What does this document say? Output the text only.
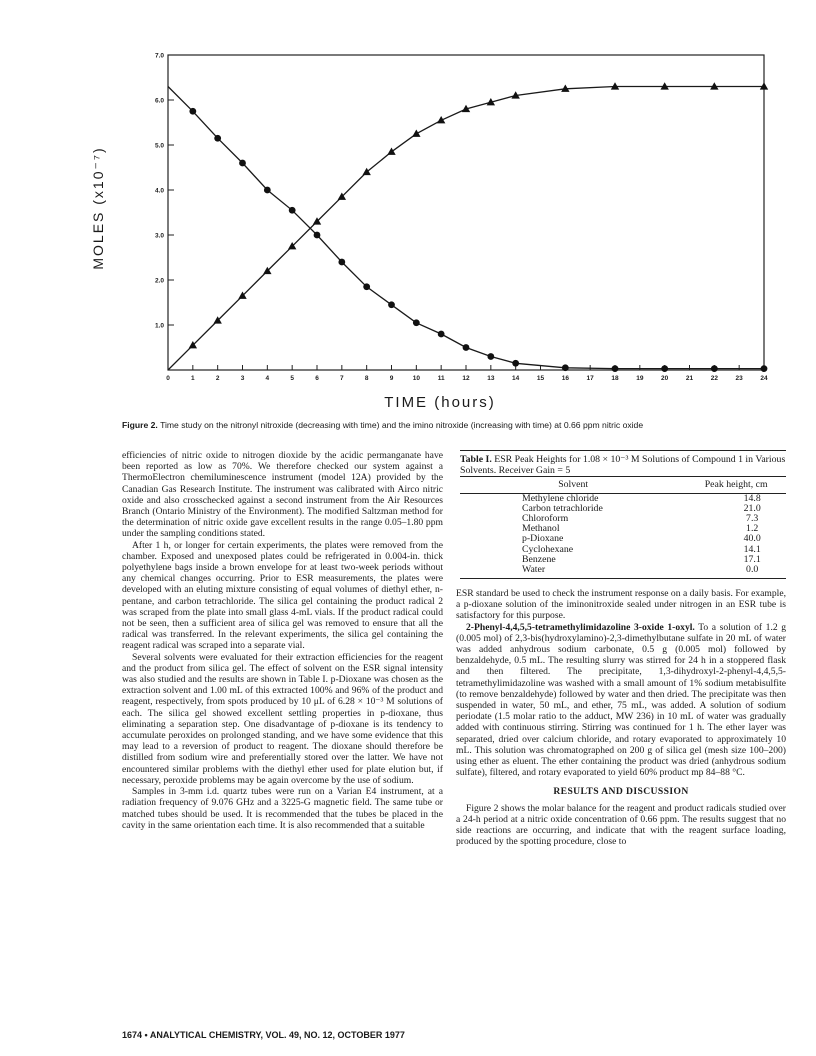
0	1	2	3	4	5	6	7	8	9	10	11	12	13	14	15	16	17	18	19	20	21	22	23	24
1.0
2.0
3.0
4.0
5.0
6.0
7.0
MOLES (x10⁻⁷)
TIME (hours)
Figure 2. Time study on the nitronyl nitroxide (decreasing with time) and the imino nitroxide (increasing with time) at 0.66 ppm nitric oxide

efficiencies of nitric oxide to nitrogen dioxide by the acidic permanganate have been reported as low as 70%. We therefore checked our system against a ThermoElectron chemiluminescence instrument (model 12A) provided by the Canadian Gas Research Institute. The instrument was calibrated with Airco nitric oxide and also crosschecked against a second instrument from the Air Resources Branch (Ontario Ministry of the Environment). The modified Saltzman method for the determination of nitric oxide gave excellent results in the range 0.05–1.80 ppm under the sampling conditions stated.

After 1 h, or longer for certain experiments, the plates were removed from the chamber. Exposed and unexposed plates could be refrigerated in 0.004-in. thick polyethylene bags inside a brown envelope for at least two-week periods without any chemical changes occurring. Prior to ESR measurements, the plates were developed with an eluting mixture consisting of equal volumes of diethyl ether, n-pentane, and carbon tetrachloride. The silica gel containing the product radical 2 was scraped from the plate into small glass 4-mL vials. If the product radical could not be seen, then a sufficient area of silica gel was removed to ensure that all the radical was transferred. In the relevant experiments, the silica gel containing the reagent radical was scraped into a separate vial.

Several solvents were evaluated for their extraction efficiencies for the reagent and the product from silica gel. The effect of solvent on the ESR signal intensity was also studied and the results are shown in Table I. p-Dioxane was chosen as the extraction solvent and 1.00 mL of this extracted 100% and 96% of the product and reagent, respectively, from spots produced by 10 μL of 6.28 × 10⁻³ M solutions of each. The silica gel showed excellent settling properties in p-dioxane, thus eliminating a separation step. One disadvantage of p-dioxane is its tendency to accumulate peroxides on prolonged standing, and we have some evidence that this may lead to a reversion of product to reagent. The dioxane should therefore be distilled from sodium wire and preferentially stored over the latter. We have not encountered similar problems with the diethyl ether used for plate elution but, if necessary, peroxide problems may be again overcome by the use of sodium.

Samples in 3-mm i.d. quartz tubes were run on a Varian E4 instrument, at a radiation frequency of 9.076 GHz and a 3225-G magnetic field. The same tube or matched tubes should be used. It is recommended that the tubes be placed in the cavity in the same orientation each time. It is also recommended that a suitable

Table I. ESR Peak Heights for 1.08 × 10⁻³ M Solutions of Compound 1 in Various Solvents. Receiver Gain = 5
Solvent	Peak height, cm
Methylene chloride	14.8
Carbon tetrachloride	21.0
Chloroform	7.3
Methanol	1.2
p-Dioxane	40.0
Cyclohexane	14.1
Benzene	17.1
Water	0.0

ESR standard be used to check the instrument response on a daily basis. For example, a p-dioxane solution of the iminonitroxide sealed under nitrogen in an ESR tube is satisfactory for this purpose.

2-Phenyl-4,4,5,5-tetramethylimidazoline 3-oxide 1-oxyl. To a solution of 1.2 g (0.005 mol) of 2,3-bis(hydroxylamino)-2,3-dimethylbutane sulfate in 20 mL of water was added anhydrous sodium carbonate, 0.5 g (0.005 mol) followed by benzaldehyde, 0.5 mL. The resulting slurry was stirred for 24 h in a stoppered flask and then filtered. The precipitate, 1,3-dihydroxyl-2-phenyl-4,4,5,5-tetramethylimidazoline was washed with a small amount of 1% sodium metabisulfite (to remove benzaldehyde) followed by water and then dried. The precipitate was then suspended in water, 50 mL, and ether, 75 mL, was added. A solution of sodium periodate (1.5 molar ratio to the adduct, MW 236) in 10 mL of water was gradually added with continuous stirring. Stirring was continued for 1 h. The ether layer was separated, dried over calcium chloride, and rotary evaporated to approximately 10 mL. This solution was chromatographed on 200 g of silica gel (mesh size 100–200) using ether as eluent. The ether containing the product was dried (anhydrous sodium sulfate), filtered, and rotary evaporated to yield 60% product mp 84–88 °C.

RESULTS AND DISCUSSION

Figure 2 shows the molar balance for the reagent and product radicals studied over a 24-h period at a nitric oxide concentration of 0.66 ppm. The results suggest that no side reactions are occurring, and indicate that with the reagent surface loading, produced by the spotting procedure, close to

1674 • ANALYTICAL CHEMISTRY, VOL. 49, NO. 12, OCTOBER 1977
